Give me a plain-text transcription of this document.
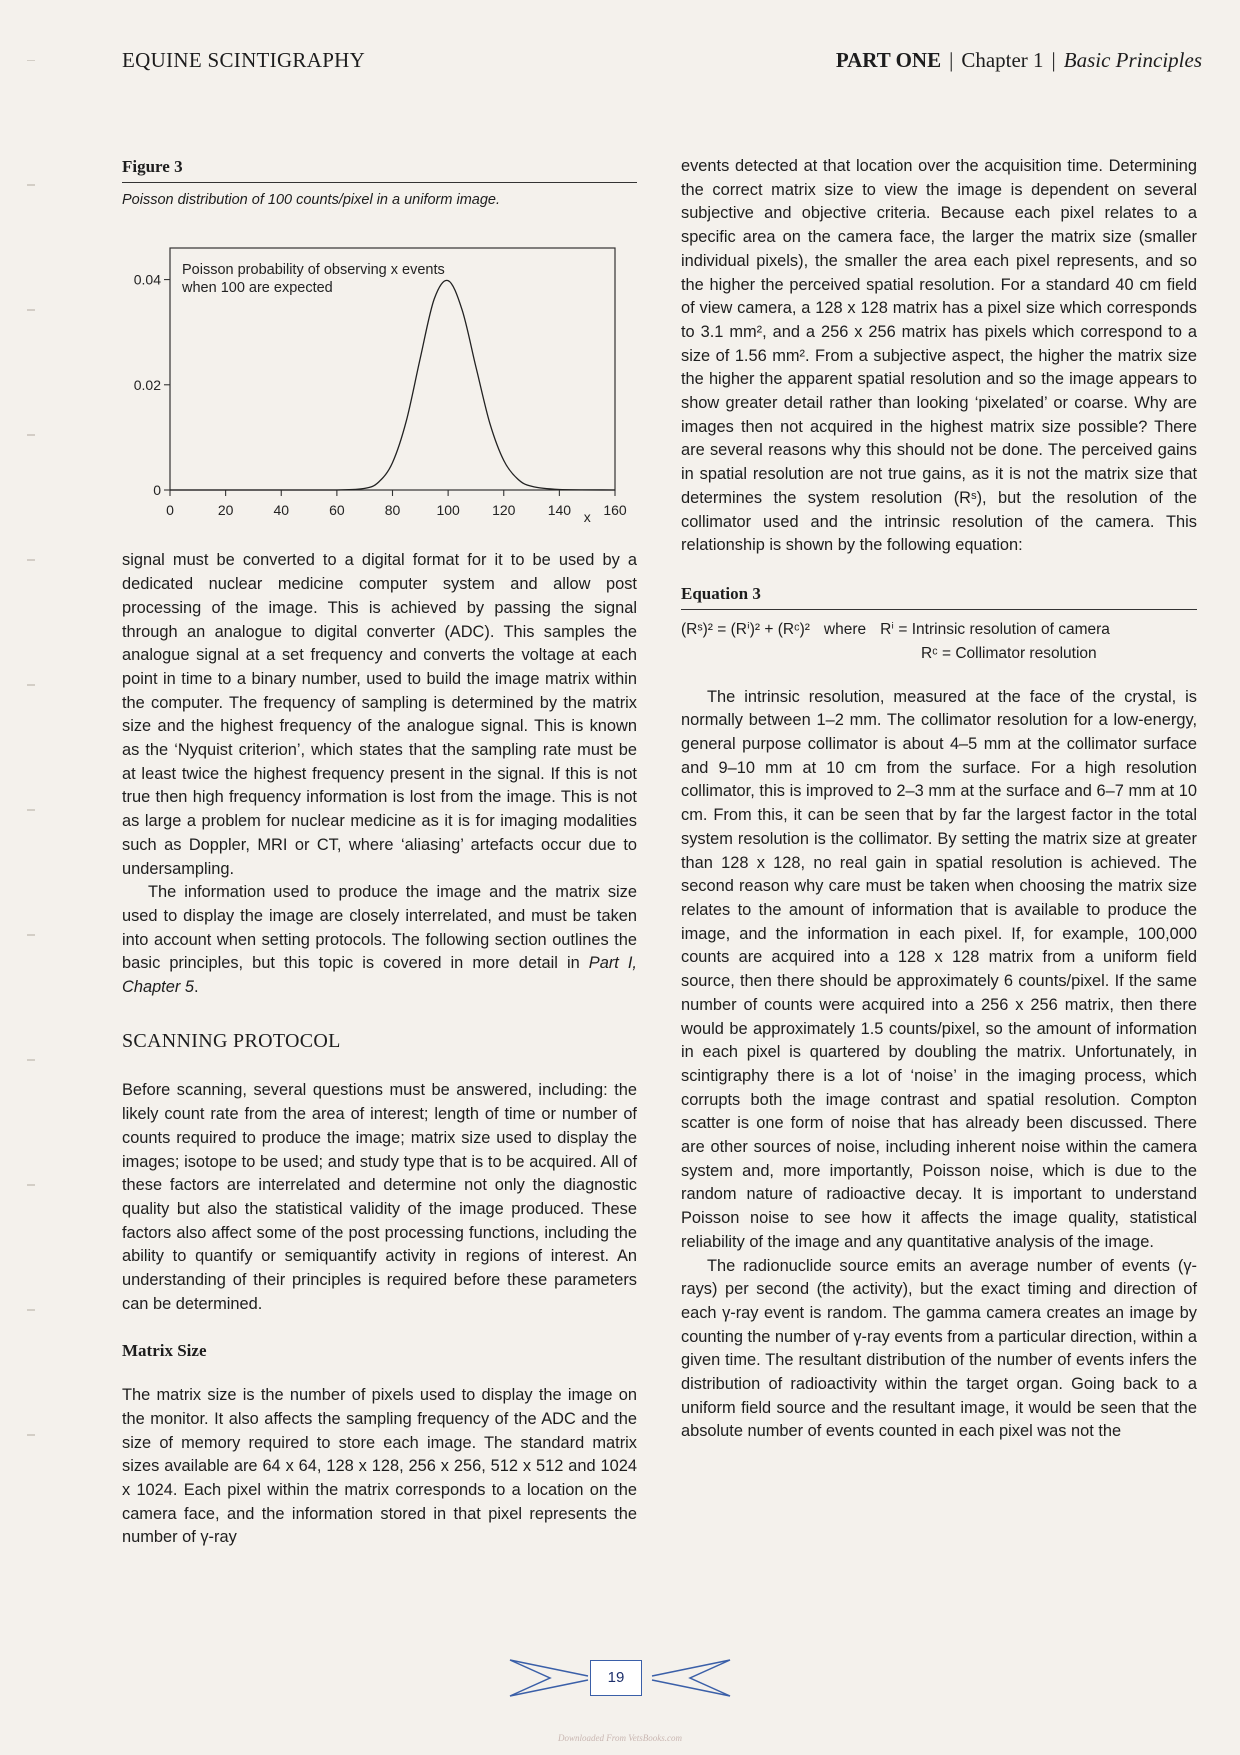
EQUINE SCINTIGRAPHY	PART ONE | Chapter 1 | Basic Principles
Figure 3
Poisson distribution of 100 counts/pixel in a uniform image.
Poisson probability of observing x events
when 100 are expected
0	20	40	60	80	100 120 140 160
0
0.02
0.04
x

signal must be converted to a digital format for it to be used by a dedicated nuclear medicine computer system and allow post processing of the image. This is achieved by passing the signal through an analogue to digital converter (ADC). This samples the analogue signal at a set frequency and converts the voltage at each point in time to a binary number, used to build the image matrix within the computer. The frequency of sampling is determined by the matrix size and the highest frequency of the analogue signal. This is known as the ‘Nyquist criterion’, which states that the sampling rate must be at least twice the highest frequency present in the signal. If this is not true then high frequency information is lost from the image. This is not as large a problem for nuclear medicine as it is for imaging modalities such as Doppler, MRI or CT, where ‘aliasing’ artefacts occur due to undersampling.

The information used to produce the image and the matrix size used to display the image are closely interrelated, and must be taken into account when setting protocols. The following section outlines the basic principles, but this topic is covered in more detail in Part I, Chapter 5.

SCANNING PROTOCOL

Before scanning, several questions must be answered, including: the likely count rate from the area of interest; length of time or number of counts required to produce the image; matrix size used to display the images; isotope to be used; and study type that is to be acquired. All of these factors are interrelated and determine not only the diagnostic quality but also the statistical validity of the image produced. These factors also affect some of the post processing functions, including the ability to quantify or semiquantify activity in regions of interest. An understanding of their principles is required before these parameters can be determined.

Matrix Size

The matrix size is the number of pixels used to display the image on the monitor. It also affects the sampling frequency of the ADC and the size of memory required to store each image. The standard matrix sizes available are 64 x 64, 128 x 128, 256 x 256, 512 x 512 and 1024 x 1024. Each pixel within the matrix corresponds to a location on the camera face, and the information stored in that pixel represents the number of γ-ray

events detected at that location over the acquisition time. Determining the correct matrix size to view the image is dependent on several subjective and objective criteria. Because each pixel relates to a specific area on the camera face, the larger the matrix size (smaller individual pixels), the smaller the area each pixel represents, and so the higher the perceived spatial resolution. For a standard 40 cm field of view camera, a 128 x 128 matrix has a pixel size which corresponds to 3.1 mm², and a 256 x 256 matrix has pixels which correspond to a size of 1.56 mm². From a subjective aspect, the higher the matrix size the higher the apparent spatial resolution and so the image appears to show greater detail rather than looking ‘pixelated’ or coarse. Why are images then not acquired in the highest matrix size possible? There are several reasons why this should not be done. The perceived gains in spatial resolution are not true gains, as it is not the matrix size that determines the system resolution (Rˢ), but the resolution of the collimator used and the intrinsic resolution of the camera. This relationship is shown by the following equation:

Equation 3
(Rˢ)² = (Rⁱ)² + (Rᶜ)² where Rⁱ = Intrinsic resolution of camera
Rᶜ = Collimator resolution

The intrinsic resolution, measured at the face of the crystal, is normally between 1–2 mm. The collimator resolution for a low-energy, general purpose collimator is about 4–5 mm at the collimator surface and 9–10 mm at 10 cm from the surface. For a high resolution collimator, this is improved to 2–3 mm at the surface and 6–7 mm at 10 cm. From this, it can be seen that by far the largest factor in the total system resolution is the collimator. By setting the matrix size at greater than 128 x 128, no real gain in spatial resolution is achieved. The second reason why care must be taken when choosing the matrix size relates to the amount of information that is available to produce the image, and the information in each pixel. If, for example, 100,000 counts are acquired into a 128 x 128 matrix from a uniform field source, then there should be approximately 6 counts/pixel. If the same number of counts were acquired into a 256 x 256 matrix, then there would be approximately 1.5 counts/pixel, so the amount of information in each pixel is quartered by doubling the matrix. Unfortunately, in scintigraphy there is a lot of ‘noise’ in the imaging process, which corrupts both the image contrast and spatial resolution. Compton scatter is one form of noise that has already been discussed. There are other sources of noise, including inherent noise within the camera system and, more importantly, Poisson noise, which is due to the random nature of radioactive decay. It is important to understand Poisson noise to see how it affects the image quality, statistical reliability of the image and any quantitative analysis of the image.

The radionuclide source emits an average number of events (γ-rays) per second (the activity), but the exact timing and direction of each γ-ray event is random. The gamma camera creates an image by counting the number of γ-ray events from a particular direction, within a given time. The resultant distribution of the number of events infers the distribution of radioactivity within the target organ. Going back to a uniform field source and the resultant image, it would be seen that the absolute number of events counted in each pixel was not the

19
Downloaded From VetsBooks.com
